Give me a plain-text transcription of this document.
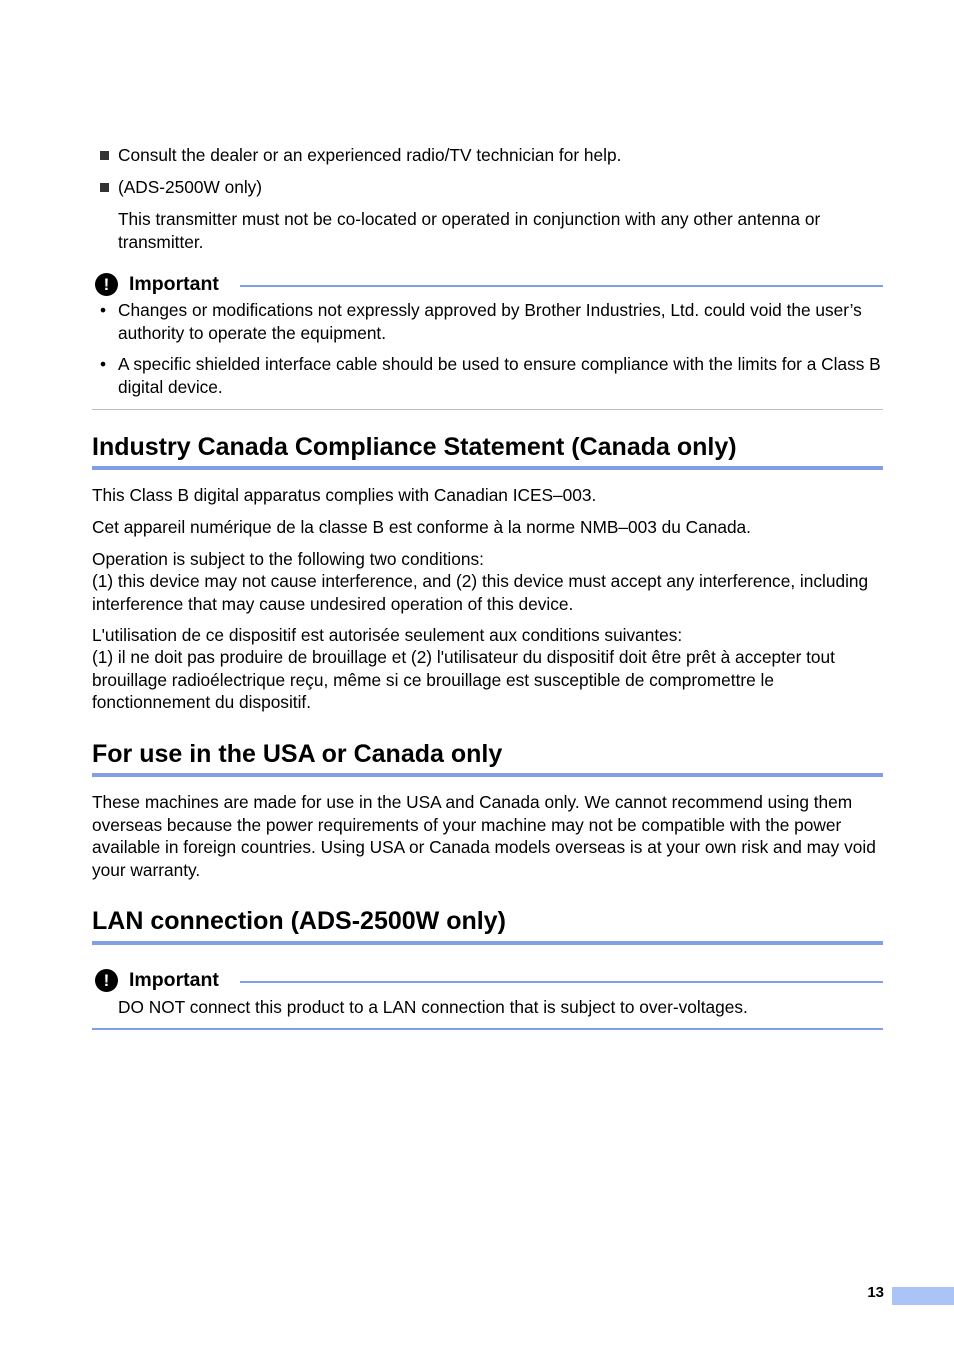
Consult the dealer or an experienced radio/TV technician for help.

(ADS-2500W only)

This transmitter must not be co-located or operated in conjunction with any other antenna or transmitter.

!	Important
• Changes or modifications not expressly approved by Brother Industries, Ltd. could void the user’s authority to operate the equipment.

• A specific shielded interface cable should be used to ensure compliance with the limits for a Class B digital device.

Industry Canada Compliance Statement (Canada only)

This Class B digital apparatus complies with Canadian ICES–003.

Cet appareil numérique de la classe B est conforme à la norme NMB–003 du Canada.

Operation is subject to the following two conditions:

(1) this device may not cause interference, and (2) this device must accept any interference, including interference that may cause undesired operation of this device.

L'utilisation de ce dispositif est autorisée seulement aux conditions suivantes:

(1) il ne doit pas produire de brouillage et (2) l'utilisateur du dispositif doit être prêt à accepter tout brouillage radioélectrique reçu, même si ce brouillage est susceptible de compromettre le fonctionnement du dispositif.

For use in the USA or Canada only

These machines are made for use in the USA and Canada only. We cannot recommend using them overseas because the power requirements of your machine may not be compatible with the power available in foreign countries. Using USA or Canada models overseas is at your own risk and may void your warranty.

LAN connection (ADS-2500W only)
!	Important

DO NOT connect this product to a LAN connection that is subject to over-voltages.

13
